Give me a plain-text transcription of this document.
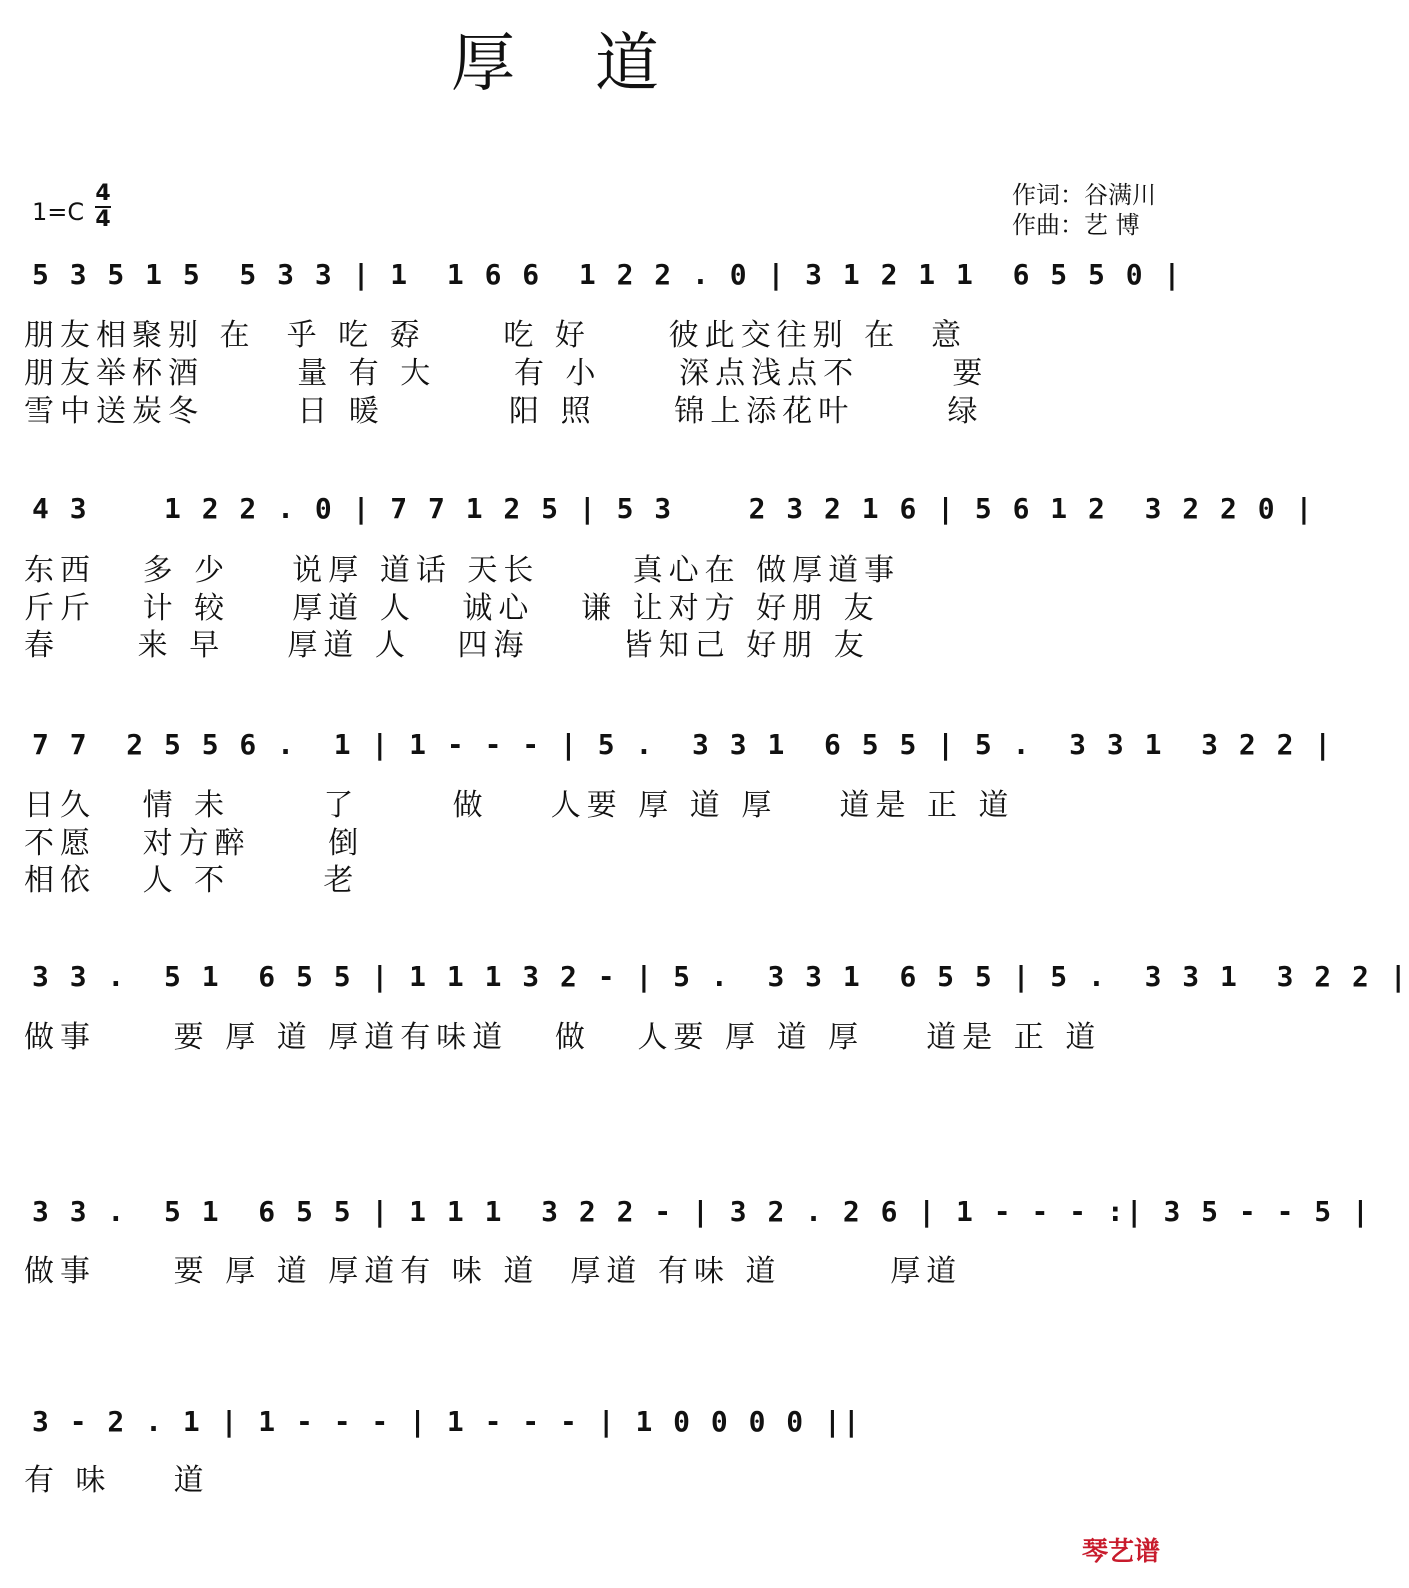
厚道
1=C
4
4
作词：谷满川
作曲：艺 博
5 3 5 1 5  5 3 3 | 1  1 6 6  1 2 2 . 0 | 3 1 2 1 1  6 5 5 0 |
朋友相聚别 在  乎 吃 孬     吃 好     彼此交往别 在  意
朋友举杯酒      量 有 大     有 小     深点浅点不      要
雪中送炭冬      日 暖        阳 照     锦上添花叶      绿
4 3    1 2 2 . 0 | 7 7 1 2 5 | 5 3    2 3 2 1 6 | 5 6 1 2  3 2 2 0 |
东西   多 少    说厚 道话 天长      真心在 做厚道事
斤斤   计 较    厚道 人   诚心   谦 让对方 好朋 友
春     来 早    厚道 人   四海      皆知己 好朋 友
7 7  2 5 5 6 .  1 | 1 - - - | 5 .  3 3 1  6 5 5 | 5 .  3 3 1  3 2 2 |
日久   情 未      了      做    人要 厚 道 厚    道是 正 道
不愿   对方醉     倒
相依   人 不      老
3 3 .  5 1  6 5 5 | 1 1 1 3 2 - | 5 .  3 3 1  6 5 5 | 5 .  3 3 1  3 2 2 |
做事     要 厚 道 厚道有味道   做   人要 厚 道 厚    道是 正 道
3 3 .  5 1  6 5 5 | 1 1 1  3 2 2 - | 3 2 . 2 6 | 1 - - - :| 3 5 - - 5 |
做事     要 厚 道 厚道有 味 道  厚道 有味 道       厚道
3 - 2 . 1 | 1 - - - | 1 - - - | 1 0 0 0 0 ||
有 味    道
琴艺谱
